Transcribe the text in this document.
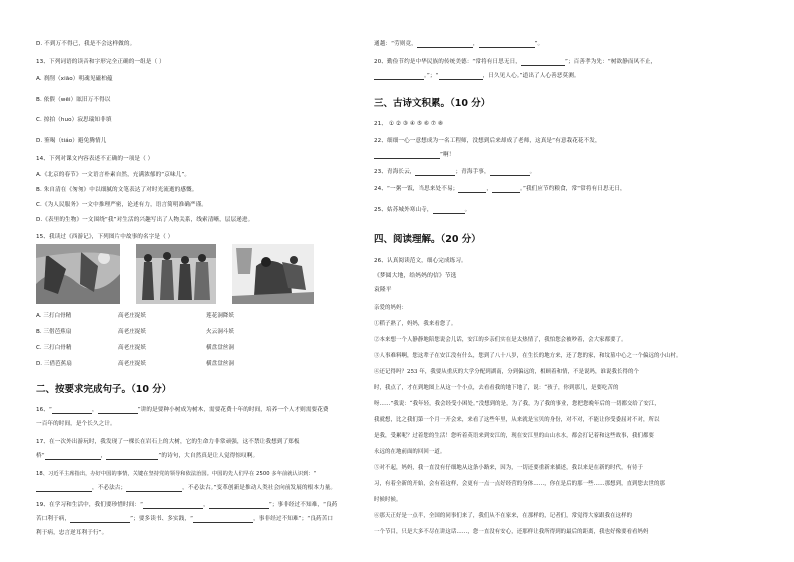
D. 不到万不得已，我是不会这样做的。
13、下列词语的读音和字形完全正确的一组是（ ）
A. 刹削（xiāo）明魂见磁柏蕴
B. 依偎（wēi）眩旧万不得以
C. 掠拍（huo）寂思瑞知非填
D. 鉴喝（tiáo）避免腾情儿
14、下列对课文内容表述不正确的一项是（ ）
A.《北京的春节》一文语言朴素自然，充满浓郁的“京味儿”。
B. 朱自清在《匆匆》中以细腻的文笔表达了对时光流逝的感慨。
C.《为人民服务》一文中推理严密，论述有力，语言简明准确严谨。
D.《表里的生物》一文围绕“我”对生活的兴趣写出了人物关系，线索清晰，层层递进。
15、我读过《西游记》，下列图片中故事的名字是（ ）
A. 三打白骨精	高老庄捉妖	莲花洞降妖
B. 三借芭蕉扇	高老庄捉妖	火云洞斗妖
C. 三打白骨精	高老庄捉妖	横盘盘丝洞
D. 三借芭蕉扇	高老庄捉妖	横盘盘丝洞
二、按要求完成句子。（10 分）
16、“	，	”讲的是要种小树成为树木，需要花费十年的时间，培养一个人才则需要花费
一百年的时间，是个长久之计。
17、在一次外出游玩时，我发现了一棵长在岩石上的大树，它的生命力非常顽强，这不禁让我想到了郑板
桥“	，	”的诗句，大自然真是让人觉得惊叹啊。
18、习近平主席指出，办好中国的事情，关键在坚持党的领导和依法治国。中国的先人们早在 2500 多年前就认识到：“
，不必法古；	，不必法古。”变革创新是推动人类社会向前发展的根本力量。
19、在学习和生活中，我们要珍惜时间：“	，	”；事非经过不知难，“良药
苦口利于病，	”；要多读书、多实践，“	，事非经过不知难”；“良药苦口
利于病，忠言逆耳利于行”。
通越：“劳则竟，	，	”。
20、勤俭节约是中华民族的传统美德：“常将有日思无日，	”；百善孝为先：“树欲静而风不止，
。”；“	，日久见人心。”道出了人心善恶莫测。
三、古诗文积累。（10 分）
21、 ① ② ③ ④ ⑤ ⑥ ⑦ ⑧
22、细细一心一意想成为一名工程师，没想到后来却成了老师，这真是“有意栽花花不发，
”啊！
23、青海长云，	；青海手事，	。
24、“一粥一饭，当思来处不易；	，	。”我们应节约粮食，常“常将有日思无日，
25、姑苏城外寒山寺，	。
四、阅读理解。（20 分）
26、认真阅读范文，细心完成练习。
《梦圆大地，给妈妈的信》节选
袁隆平
亲爱的妈妈：
①稻子熟了，妈妈，我来看您了。
②本来想一个人静静地陪您说会儿话，安江的乡亲们实在是太热情了，我怕您会被吵着，会大家都要了。
③人事难料啊，您这辈子在安江没有什么，您到了八十八岁，在生长的地方来，还了您的家，和坟墓中心之一个偏远的小山村。
④还记得吗？253 年，我要从重庆的大学分配到湖南，分到偏远的，相顾着和情，不是说吗，谁说我长得的个
时，我点了，才在到地图上从这一个小点，去看看我的地下地了，说：“孩子，你到那儿，是要吃苦的
呀……”我说：“我年轻，我会经受小困处。”没想到的是，为了我，为了我的事业，您把您晚年后的一切都交给了安江，
我就想，比之我们第一个月一开会来，来看了这些年里，从来就是宝贝的身份，对不对，不能让你受委屈对不对，所以
是我，受累呢？过着您的生活！您听着英语来到安江的，现在安江里的山山水水，都会打记着和这些故事，我们都要
永远的在地前面的回回一道。
⑤对不起，妈妈，我一直没有仔细地从这条小路来，因为，一切还要重新来描述，我以来是在新的时代，有待于
习，有着全新的开始，会有着这样，会更有一点一点好经营的身体……，你在是后的那一些……那想到，直到您去世的那
时候时候。
⑥那天正好是一点半，全国的同事们来了，我们从不在家来，在那样的，记者们，常觉得大家跟我在这样的
一个节目，只是大多不尽在讲这话……，您一直没有安心，还那样让我所得到的最后的距离，我也好像要看看妈妈
